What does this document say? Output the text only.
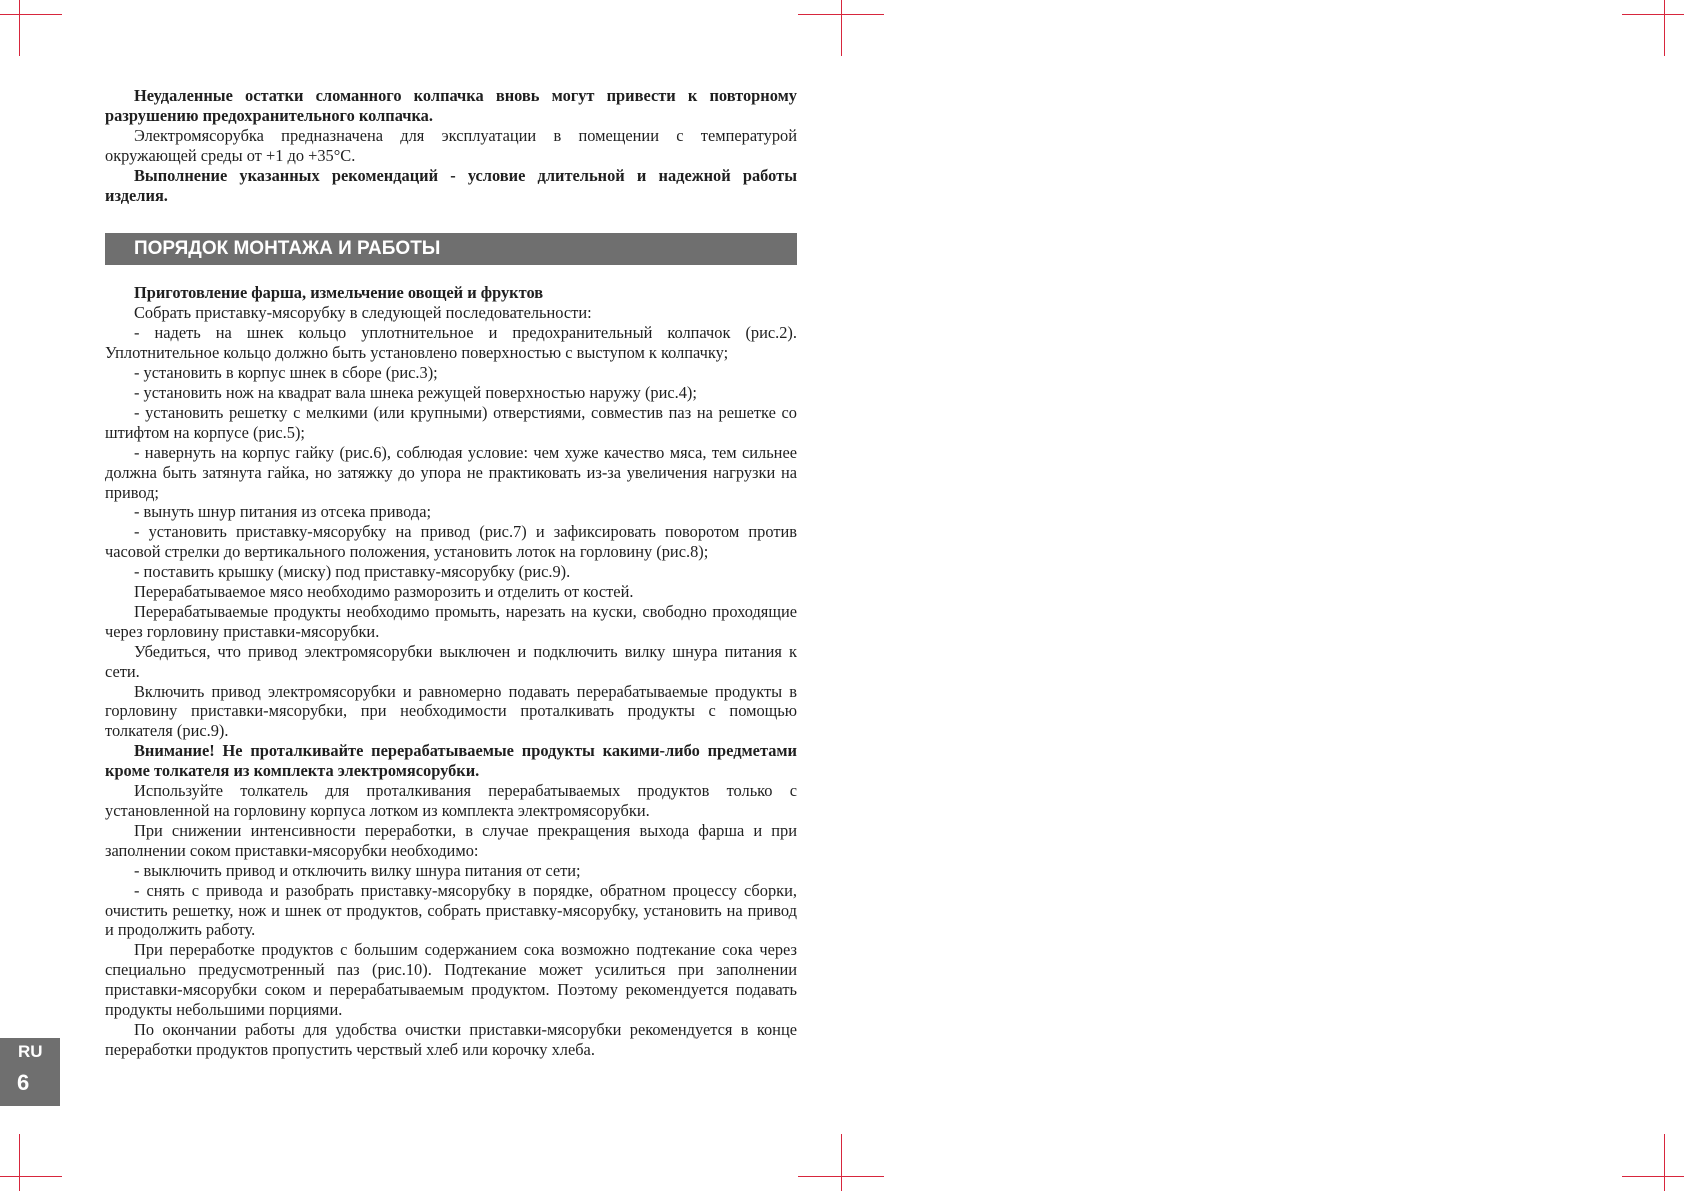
Неудаленные остатки сломанного колпачка вновь могут привести к повторному разрушению предохранительного колпачка.

Электромясорубка предназначена для эксплуатации в помещении с температурой окружающей среды от +1 до +35°С.

Выполнение указанных рекомендаций - условие длительной и надежной работы изделия.

ПОРЯДОК МОНТАЖА И РАБОТЫ

Приготовление фарша, измельчение овощей и фруктов

Собрать приставку-мясорубку в следующей последовательности:

- надеть на шнек кольцо уплотнительное и предохранительный колпачок (рис.2). Уплотнительное кольцо должно быть установлено поверхностью с выступом к колпачку;

- установить в корпус шнек в сборе (рис.3);

- установить нож на квадрат вала шнека режущей поверхностью наружу (рис.4);

- установить решетку с мелкими (или крупными) отверстиями, совместив паз на решетке со штифтом на корпусе (рис.5);

- навернуть на корпус гайку (рис.6), соблюдая условие: чем хуже качество мяса, тем сильнее должна быть затянута гайка, но затяжку до упора не практиковать из-за увеличения нагрузки на привод;

- вынуть шнур питания из отсека привода;

- установить приставку-мясорубку на привод (рис.7) и зафиксировать поворотом против часовой стрелки до вертикального положения, установить лоток на горловину (рис.8);

- поставить крышку (миску) под приставку-мясорубку (рис.9).

Перерабатываемое мясо необходимо разморозить и отделить от костей.

Перерабатываемые продукты необходимо промыть, нарезать на куски, свободно проходящие через горловину приставки-мясорубки.

Убедиться, что привод электромясорубки выключен и подключить вилку шнура питания к сети.

Включить привод электромясорубки и равномерно подавать перерабатываемые продукты в горловину приставки-мясорубки, при необходимости проталкивать продукты с помощью толкателя (рис.9).

Внимание! Не проталкивайте перерабатываемые продукты какими-либо предметами кроме толкателя из комплекта электромясорубки.

Используйте толкатель для проталкивания перерабатываемых продуктов только с установленной на горловину корпуса лотком из комплекта электромясорубки.

При снижении интенсивности переработки, в случае прекращения выхода фарша и при заполнении соком приставки-мясорубки необходимо:

- выключить привод и отключить вилку шнура питания от сети;

- снять с привода и разобрать приставку-мясорубку в порядке, обратном процессу сборки, очистить решетку, нож и шнек от продуктов, собрать приставку-мясорубку, установить на привод и продолжить работу.

При переработке продуктов с большим содержанием сока возможно подтекание сока через специально предусмотренный паз (рис.10). Подтекание может усилиться при заполнении приставки-мясорубки соком и перерабатываемым продуктом. Поэтому рекомендуется подавать продукты небольшими порциями.

По окончании работы для удобства очистки приставки-мясорубки рекомендуется в конце переработки продуктов пропустить черствый хлеб или корочку хлеба.

RU
6
